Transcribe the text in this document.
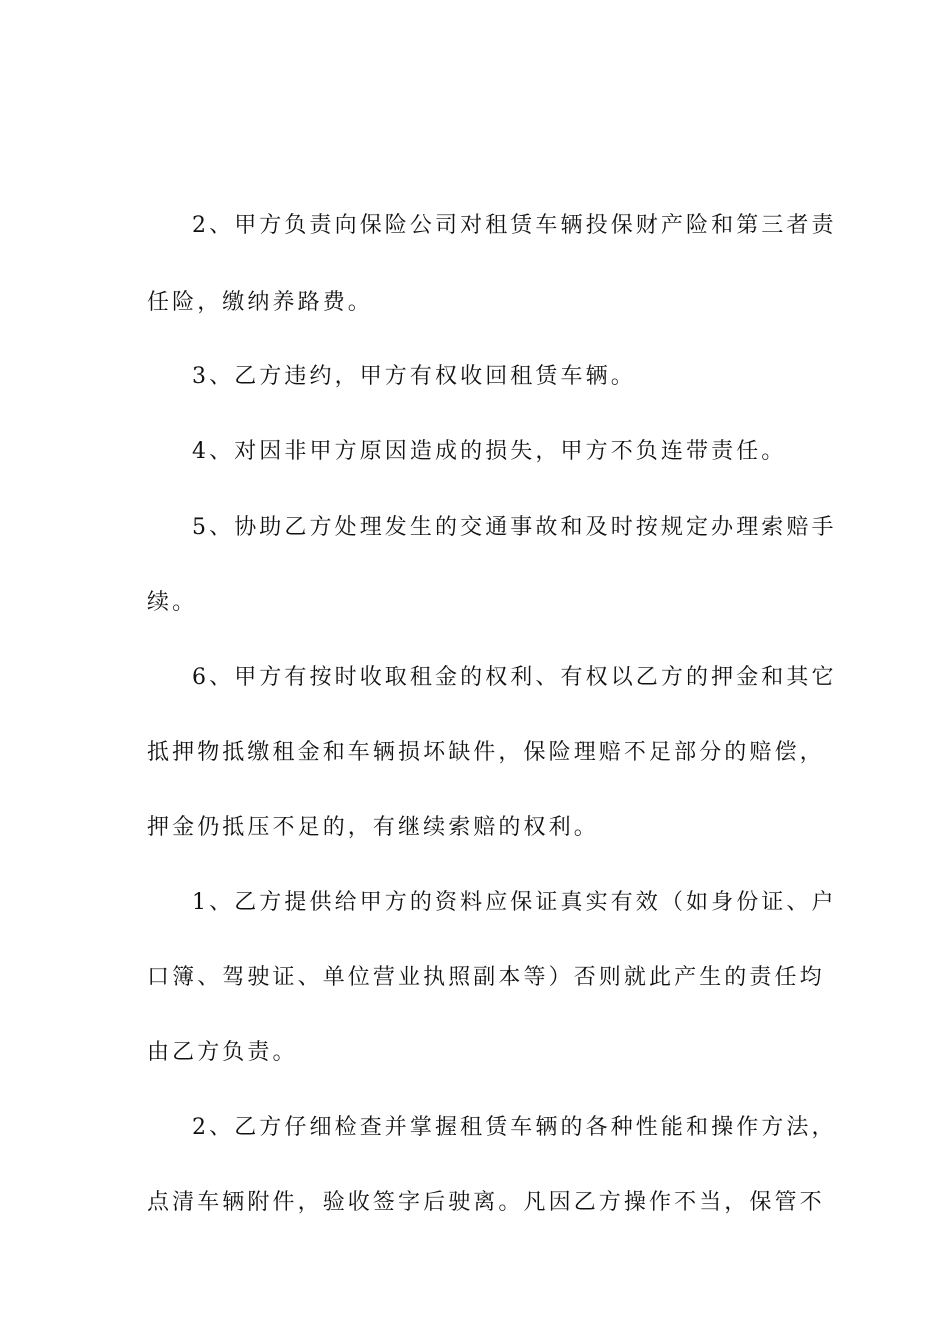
2、甲方负责向保险公司对租赁车辆投保财产险和第三者责
任险，缴纳养路费。
3、乙方违约，甲方有权收回租赁车辆。
4、对因非甲方原因造成的损失，甲方不负连带责任。
5、协助乙方处理发生的交通事故和及时按规定办理索赔手
续。
6、甲方有按时收取租金的权利、有权以乙方的押金和其它
抵押物抵缴租金和车辆损坏缺件，保险理赔不足部分的赔偿，
押金仍抵压不足的，有继续索赔的权利。
1、乙方提供给甲方的资料应保证真实有效（如身份证、户
口簿、驾驶证、单位营业执照副本等）否则就此产生的责任均
由乙方负责。
2、乙方仔细检查并掌握租赁车辆的各种性能和操作方法，
点清车辆附件，验收签字后驶离。凡因乙方操作不当，保管不
